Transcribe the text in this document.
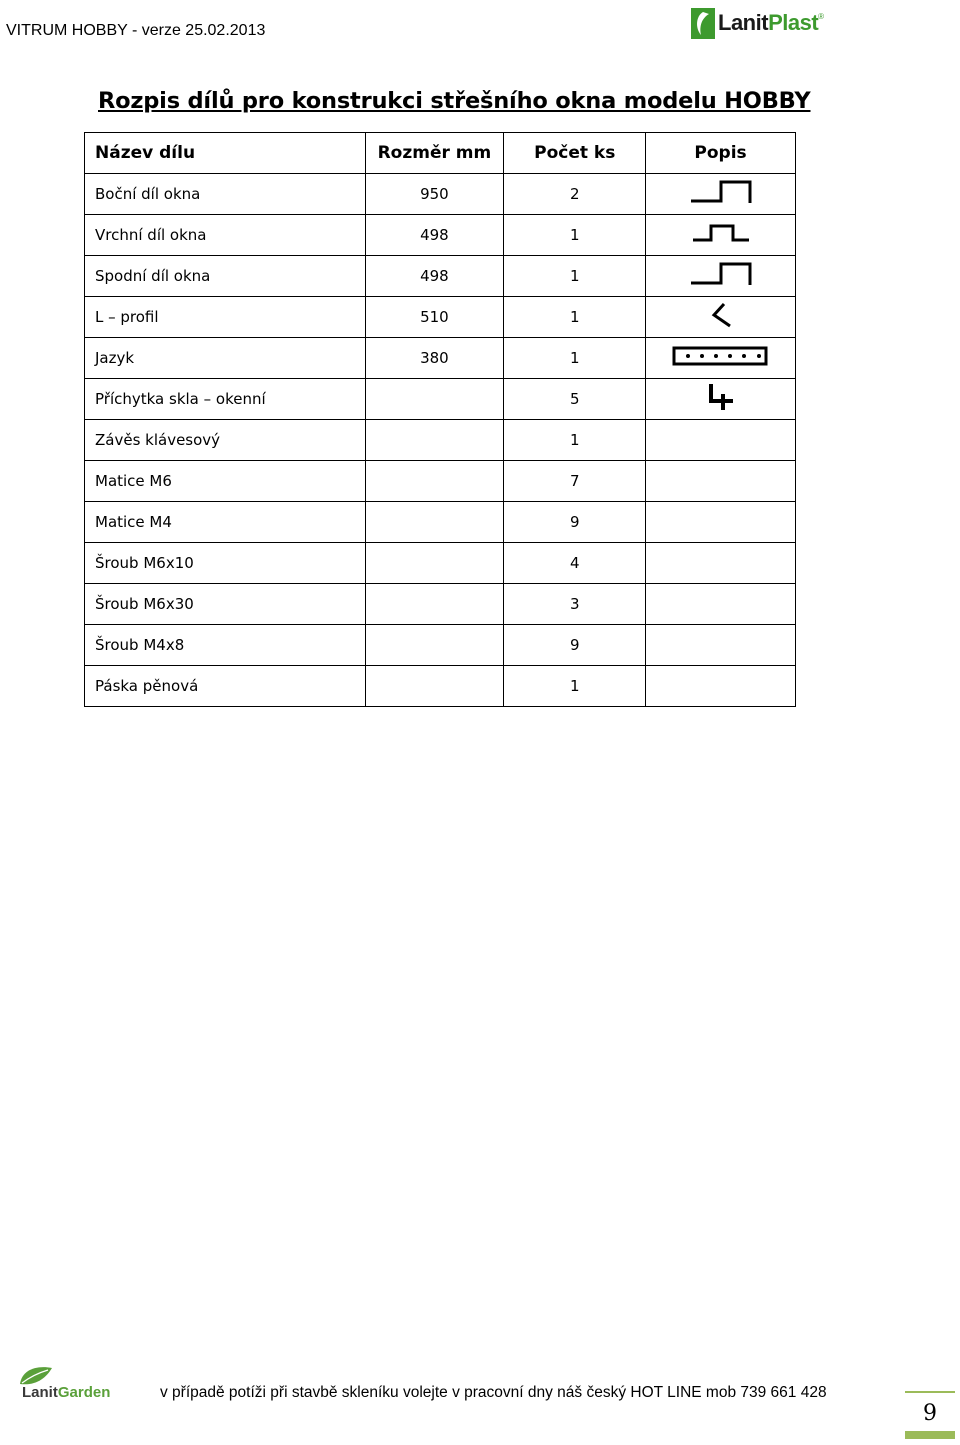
VITRUM HOBBY - verze 25.02.2013	LanitPlast ®
Rozpis dílů pro konstrukci střešního okna modelu HOBBY
Název dílu	Rozměr mm	Počet ks	Popis
Boční díl okna	950	2	

Vrchní díl okna	498	1	

Spodní díl okna	498	1	

L – profil	510	1	

Jazyk	380	1	

Příchytka skla – okenní		5	

Závěs klávesový		1	
Matice M6		7	
Matice M4		9	
Šroub M6x10		4	
Šroub M6x30		3	
Šroub M4x8		9	
Páska pěnová		1	
LanitGarden	v případě potíži při stavbě skleníku volejte v pracovní dny náš český HOT LINE mob 739 661 428
9
